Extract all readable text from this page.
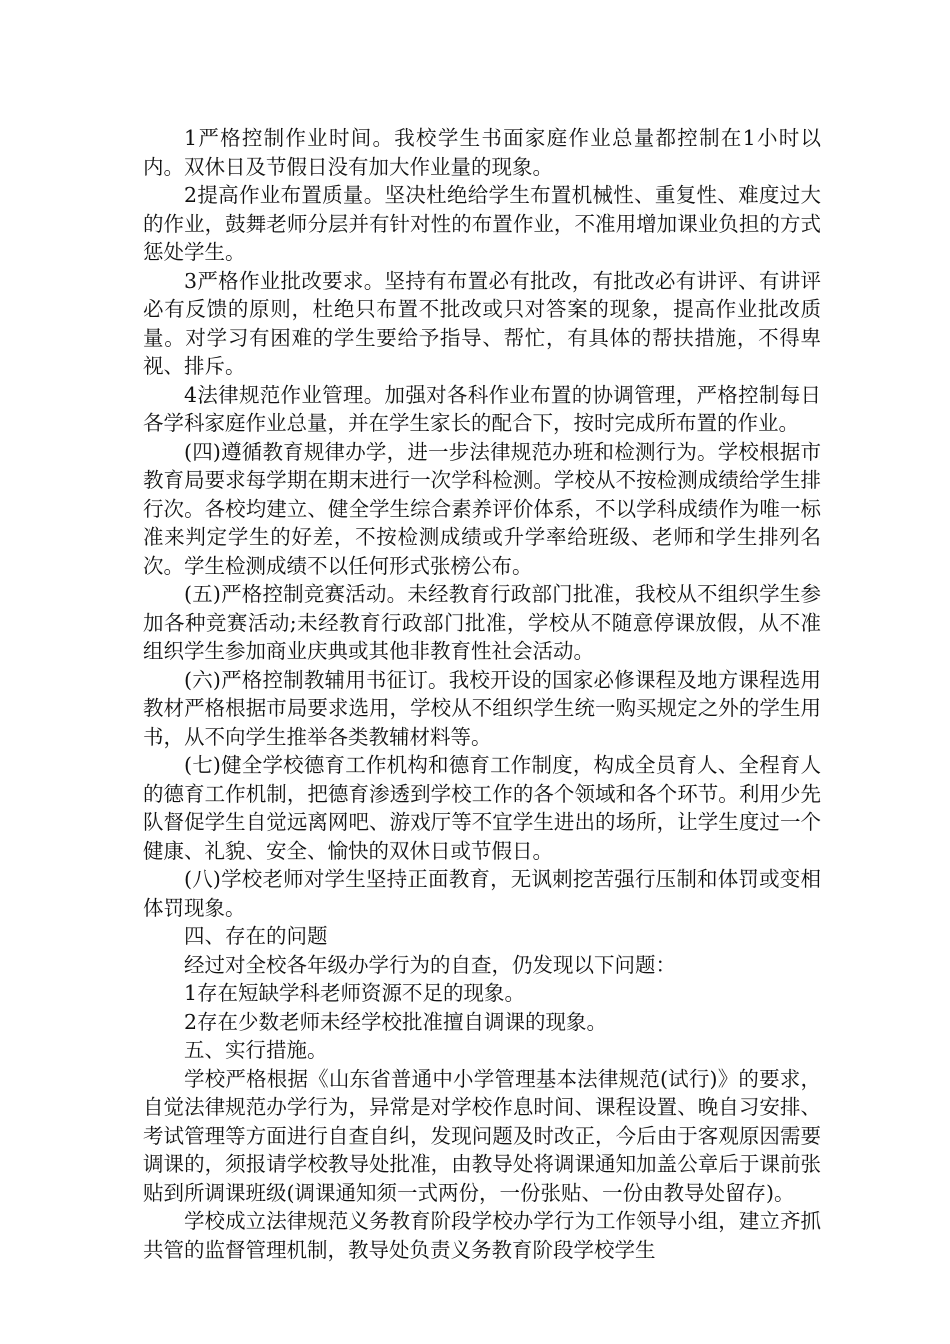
1严格控制作业时间。我校学生书面家庭作业总量都控制在1小时以内。双休日及节假日没有加大作业量的现象。

2提高作业布置质量。坚决杜绝给学生布置机械性、重复性、难度过大的作业，鼓舞老师分层并有针对性的布置作业，不准用增加课业负担的方式惩处学生。

3严格作业批改要求。坚持有布置必有批改，有批改必有讲评、有讲评必有反馈的原则，杜绝只布置不批改或只对答案的现象，提高作业批改质量。对学习有困难的学生要给予指导、帮忙，有具体的帮扶措施，不得卑视、排斥。

4法律规范作业管理。加强对各科作业布置的协调管理，严格控制每日各学科家庭作业总量，并在学生家长的配合下，按时完成所布置的作业。

(四)遵循教育规律办学，进一步法律规范办班和检测行为。学校根据市教育局要求每学期在期末进行一次学科检测。学校从不按检测成绩给学生排行次。各校均建立、健全学生综合素养评价体系，不以学科成绩作为唯一标准来判定学生的好差，不按检测成绩或升学率给班级、老师和学生排列名次。学生检测成绩不以任何形式张榜公布。

(五)严格控制竞赛活动。未经教育行政部门批准，我校从不组织学生参加各种竞赛活动;未经教育行政部门批准，学校从不随意停课放假，从不准组织学生参加商业庆典或其他非教育性社会活动。

(六)严格控制教辅用书征订。我校开设的国家必修课程及地方课程选用教材严格根据市局要求选用，学校从不组织学生统一购买规定之外的学生用书，从不向学生推举各类教辅材料等。

(七)健全学校德育工作机构和德育工作制度，构成全员育人、全程育人的德育工作机制，把德育渗透到学校工作的各个领域和各个环节。利用少先队督促学生自觉远离网吧、游戏厅等不宜学生进出的场所，让学生度过一个健康、礼貌、安全、愉快的双休日或节假日。

(八)学校老师对学生坚持正面教育，无讽刺挖苦强行压制和体罚或变相体罚现象。

四、存在的问题

经过对全校各年级办学行为的自查，仍发现以下问题：

1存在短缺学科老师资源不足的现象。

2存在少数老师未经学校批准擅自调课的现象。

五、实行措施。

学校严格根据《山东省普通中小学管理基本法律规范(试行)》的要求，自觉法律规范办学行为，异常是对学校作息时间、课程设置、晚自习安排、考试管理等方面进行自查自纠，发现问题及时改正，今后由于客观原因需要调课的，须报请学校教导处批准，由教导处将调课通知加盖公章后于课前张贴到所调课班级(调课通知须一式两份，一份张贴、一份由教导处留存)。

学校成立法律规范义务教育阶段学校办学行为工作领导小组，建立齐抓共管的监督管理机制，教导处负责义务教育阶段学校学生
